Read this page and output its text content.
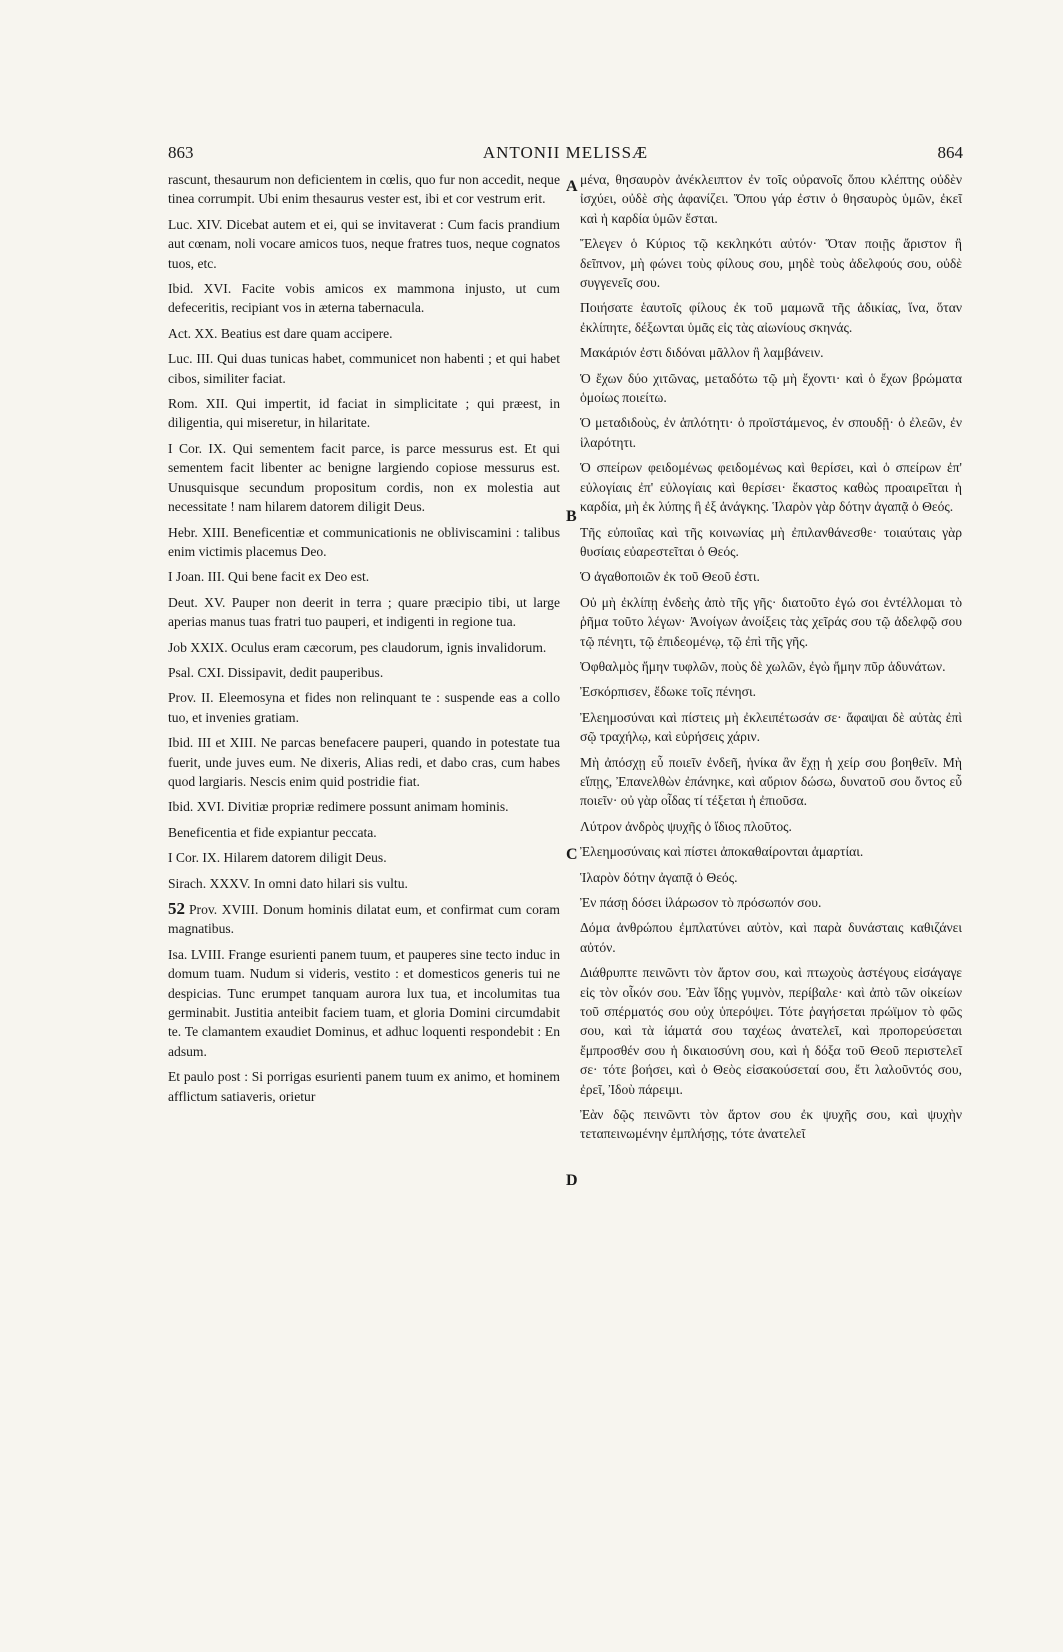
863	ANTONII MELISSÆ	864
A
B
C
D

rascunt, thesaurum non deficientem in cœlis, quo fur non accedit, neque tinea corrumpit. Ubi enim thesaurus vester est, ibi et cor vestrum erit.

Luc. XIV. Dicebat autem et ei, qui se invitaverat : Cum facis prandium aut cœnam, noli vocare amicos tuos, neque fratres tuos, neque cognatos tuos, etc.

Ibid. XVI. Facite vobis amicos ex mammona injusto, ut cum defeceritis, recipiant vos in æterna tabernacula.

Act. XX. Beatius est dare quam accipere.

Luc. III. Qui duas tunicas habet, communicet non habenti ; et qui habet cibos, similiter faciat.

Rom. XII. Qui impertit, id faciat in simplicitate ; qui præest, in diligentia, qui miseretur, in hilaritate.

I Cor. IX. Qui sementem facit parce, is parce messurus est. Et qui sementem facit libenter ac benigne largiendo copiose messurus est. Unusquisque secundum propositum cordis, non ex molestia aut necessitate ! nam hilarem datorem diligit Deus.

Hebr. XIII. Beneficentiæ et communicationis ne obliviscamini : talibus enim victimis placemus Deo.

I Joan. III. Qui bene facit ex Deo est.

Deut. XV. Pauper non deerit in terra ; quare præcipio tibi, ut large aperias manus tuas fratri tuo pauperi, et indigenti in regione tua.

Job XXIX. Oculus eram cæcorum, pes claudorum, ignis invalidorum.

Psal. CXI. Dissipavit, dedit pauperibus.

Prov. II. Eleemosyna et fides non relinquant te : suspende eas a collo tuo, et invenies gratiam.

Ibid. III et XIII. Ne parcas benefacere pauperi, quando in potestate tua fuerit, unde juves eum. Ne dixeris, Alias redi, et dabo cras, cum habes quod largiaris. Nescis enim quid postridie fiat.

Ibid. XVI. Divitiæ propriæ redimere possunt animam hominis.

Beneficentia et fide expiantur peccata.

I Cor. IX. Hilarem datorem diligit Deus.

Sirach. XXXV. In omni dato hilari sis vultu.

52 Prov. XVIII. Donum hominis dilatat eum, et confirmat cum coram magnatibus.

Isa. LVIII. Frange esurienti panem tuum, et pauperes sine tecto induc in domum tuam. Nudum si videris, vestito : et domesticos generis tui ne despicias. Tunc erumpet tanquam aurora lux tua, et incolumitas tua germinabit. Justitia anteibit faciem tuam, et gloria Domini circumdabit te. Te clamantem exaudiet Dominus, et adhuc loquenti respondebit : En adsum.

Et paulo post : Si porrigas esurienti panem tuum ex animo, et hominem afflictum satiaveris, orietur

μένα, θησαυρὸν ἀνέκλειπτον ἐν τοῖς οὐρανοῖς ὅπου κλέπτης οὐδὲν ἰσχύει, οὐδὲ σὴς ἀφανίζει. Ὅπου γάρ ἐστιν ὁ θησαυρὸς ὑμῶν, ἐκεῖ καὶ ἡ καρδία ὑμῶν ἔσται.

Ἔλεγεν ὁ Κύριος τῷ κεκληκότι αὐτόν· Ὅταν ποιῇς ἄριστον ἢ δεῖπνον, μὴ φώνει τοὺς φίλους σου, μηδὲ τοὺς ἀδελφούς σου, οὐδὲ συγγενεῖς σου.

Ποιήσατε ἑαυτοῖς φίλους ἐκ τοῦ μαμωνᾶ τῆς ἀδικίας, ἵνα, ὅταν ἐκλίπητε, δέξωνται ὑμᾶς εἰς τὰς αἰωνίους σκηνάς.

Μακάριόν ἐστι διδόναι μᾶλλον ἢ λαμβάνειν.

Ὁ ἔχων δύο χιτῶνας, μεταδότω τῷ μὴ ἔχοντι· καὶ ὁ ἔχων βρώματα ὁμοίως ποιείτω.

Ὁ μεταδιδοὺς, ἐν ἁπλότητι· ὁ προϊστάμενος, ἐν σπουδῇ· ὁ ἐλεῶν, ἐν ἱλαρότητι.

Ὁ σπείρων φειδομένως φειδομένως καὶ θερίσει, καὶ ὁ σπείρων ἐπ' εὐλογίαις ἐπ' εὐλογίαις καὶ θερίσει· ἕκαστος καθὼς προαιρεῖται ἡ καρδία, μὴ ἐκ λύπης ἢ ἐξ ἀνάγκης. Ἱλαρὸν γὰρ δότην ἀγαπᾷ ὁ Θεός.

Τῆς εὐποιΐας καὶ τῆς κοινωνίας μὴ ἐπιλανθάνεσθε· τοιαύταις γὰρ θυσίαις εὐαρεστεῖται ὁ Θεός.

Ὁ ἀγαθοποιῶν ἐκ τοῦ Θεοῦ ἐστι.

Οὐ μὴ ἐκλίπῃ ἐνδεὴς ἀπὸ τῆς γῆς· διατοῦτο ἐγώ σοι ἐντέλλομαι τὸ ῥῆμα τοῦτο λέγων· Ἀνοίγων ἀνοίξεις τὰς χεῖράς σου τῷ ἀδελφῷ σου τῷ πένητι, τῷ ἐπιδεομένῳ, τῷ ἐπὶ τῆς γῆς.

Ὀφθαλμὸς ἤμην τυφλῶν, ποὺς δὲ χωλῶν, ἐγὼ ἤμην πῦρ ἀδυνάτων.

Ἐσκόρπισεν, ἔδωκε τοῖς πένησι.

Ἐλεημοσύναι καὶ πίστεις μὴ ἐκλειπέτωσάν σε· ἄφαψαι δὲ αὐτὰς ἐπὶ σῷ τραχήλῳ, καὶ εὑρήσεις χάριν.

Μὴ ἀπόσχῃ εὖ ποιεῖν ἐνδεῆ, ἡνίκα ἂν ἔχῃ ἡ χείρ σου βοηθεῖν. Μὴ εἴπῃς, Ἐπανελθὼν ἐπάνηκε, καὶ αὔριον δώσω, δυνατοῦ σου ὄντος εὖ ποιεῖν· οὐ γὰρ οἶδας τί τέξεται ἡ ἐπιοῦσα.

Λύτρον ἀνδρὸς ψυχῆς ὁ ἴδιος πλοῦτος.

Ἐλεημοσύναις καὶ πίστει ἀποκαθαίρονται ἁμαρτίαι.

Ἱλαρὸν δότην ἀγαπᾷ ὁ Θεός.

Ἐν πάσῃ δόσει ἱλάρωσον τὸ πρόσωπόν σου.

Δόμα ἀνθρώπου ἐμπλατύνει αὐτὸν, καὶ παρὰ δυνάσταις καθιζάνει αὐτόν.

Διάθρυπτε πεινῶντι τὸν ἄρτον σου, καὶ πτωχοὺς ἀστέγους εἰσάγαγε εἰς τὸν οἶκόν σου. Ἐὰν ἴδῃς γυμνὸν, περίβαλε· καὶ ἀπὸ τῶν οἰκείων τοῦ σπέρματός σου οὐχ ὑπερόψει. Τότε ῥαγήσεται πρώϊμον τὸ φῶς σου, καὶ τὰ ἰάματά σου ταχέως ἀνατελεῖ, καὶ προπορεύσεται ἔμπροσθέν σου ἡ δικαιοσύνη σου, καὶ ἡ δόξα τοῦ Θεοῦ περιστελεῖ σε· τότε βοήσει, καὶ ὁ Θεὸς εἰσακούσεταί σου, ἔτι λαλοῦντός σου, ἐρεῖ, Ἰδοὺ πάρειμι.

Ἐὰν δῷς πεινῶντι τὸν ἄρτον σου ἐκ ψυχῆς σου, καὶ ψυχὴν τεταπεινωμένην ἐμπλήσῃς, τότε ἀνατελεῖ
